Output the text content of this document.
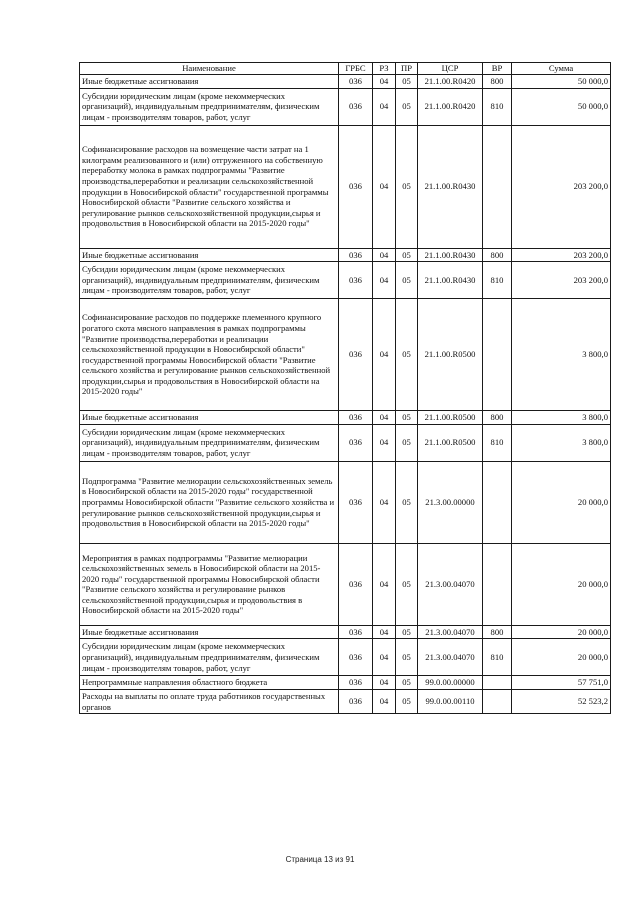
Наименование	ГРБС	РЗ	ПР	ЦСР	ВР	Сумма
Иные бюджетные ассигнования	036	04	05	21.1.00.R0420	800	50 000,0
Субсидии юридическим лицам (кроме некоммерческих организаций), индивидуальным предпринимателям, физическим лицам - производителям товаров, работ, услуг	036	04	05	21.1.00.R0420	810	50 000,0
Софинансирование расходов на возмещение части затрат на 1 килограмм реализованного и (или) отгруженного на собственную переработку молока в рамках подпрограммы "Развитие производства,переработки и реализации сельскохозяйственной продукции в Новосибирской области" государственной программы Новосибирской области "Развитие сельского хозяйства и регулирование рынков сельскохозяйственной продукции,сырья и продовольствия в Новосибирской области на 2015-2020 годы"	036	04	05	21.1.00.R0430		203 200,0
Иные бюджетные ассигнования	036	04	05	21.1.00.R0430	800	203 200,0
Субсидии юридическим лицам (кроме некоммерческих организаций), индивидуальным предпринимателям, физическим лицам - производителям товаров, работ, услуг	036	04	05	21.1.00.R0430	810	203 200,0
Софинансирование расходов по поддержке племенного крупного рогатого скота мясного направления в рамках подпрограммы "Развитие производства,переработки и реализации сельскохозяйственной продукции в Новосибирской области" государственной программы Новосибирской области "Развитие сельского хозяйства и регулирование рынков сельскохозяйственной продукции,сырья и продовольствия в Новосибирской области на 2015-2020 годы"	036	04	05	21.1.00.R0500		3 800,0
Иные бюджетные ассигнования	036	04	05	21.1.00.R0500	800	3 800,0
Субсидии юридическим лицам (кроме некоммерческих организаций), индивидуальным предпринимателям, физическим лицам - производителям товаров, работ, услуг	036	04	05	21.1.00.R0500	810	3 800,0
Подпрограмма "Развитие мелиорации сельскохозяйственных земель в Новосибирской области на 2015-2020 годы" государственной программы Новосибирской области "Развитие сельского хозяйства и регулирование рынков сельскохозяйственной продукции,сырья и продовольствия в Новосибирской области на 2015-2020 годы"	036	04	05	21.3.00.00000		20 000,0
Мероприятия в рамках подпрограммы "Развитие мелиорации сельскохозяйственных земель в Новосибирской области на 2015-2020 годы" государственной программы Новосибирской области "Развитие сельского хозяйства и регулирование рынков сельскохозяйственной продукции,сырья и продовольствия в Новосибирской области на 2015-2020 годы"	036	04	05	21.3.00.04070		20 000,0
Иные бюджетные ассигнования	036	04	05	21.3.00.04070	800	20 000,0
Субсидии юридическим лицам (кроме некоммерческих организаций), индивидуальным предпринимателям, физическим лицам - производителям товаров, работ, услуг	036	04	05	21.3.00.04070	810	20 000,0
Непрограммные направления областного бюджета	036	04	05	99.0.00.00000		57 751,0
Расходы на выплаты по оплате труда работников государственных органов	036	04	05	99.0.00.00110		52 523,2
Страница 13 из 91
